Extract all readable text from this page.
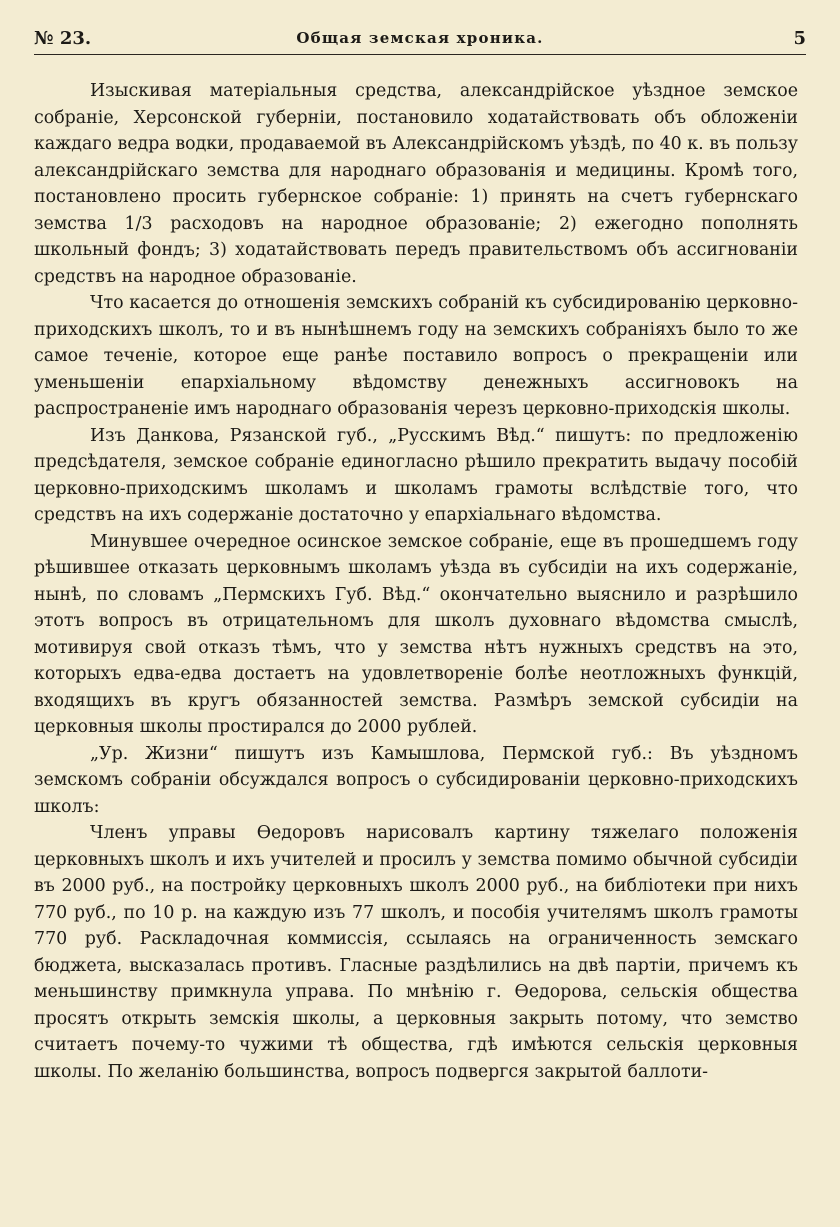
№ 23.	Общая земская хроника.	5

Изыскивая матеріальныя средства, александрійское уѣздное земское собраніе, Херсонской губерніи, постановило ходатайствовать объ обложеніи каждаго ведра водки, продаваемой въ Александрійскомъ уѣздѣ, по 40 к. въ пользу александрійскаго земства для народнаго образованія и медицины. Кромѣ того, постановлено просить губернское собраніе: 1) принять на счетъ губернскаго земства 1/3 расходовъ на народное образованіе; 2) ежегодно пополнять школьный фондъ; 3) ходатайствовать передъ правительствомъ объ ассигнованіи средствъ на народное образованіе.

Что касается до отношенія земскихъ собраній къ субсидированію церковно-приходскихъ школъ, то и въ нынѣшнемъ году на земскихъ собраніяхъ было то же самое теченіе, которое еще ранѣе поставило вопросъ о прекращеніи или уменьшеніи епархіальному вѣдомству денежныхъ ассигновокъ на распространеніе имъ народнаго образованія черезъ церковно-приходскія школы.

Изъ Данкова, Рязанской губ., „Русскимъ Вѣд.“ пишутъ: по предложенію предсѣдателя, земское собраніе единогласно рѣшило прекратить выдачу пособій церковно-приходскимъ школамъ и школамъ грамоты вслѣдствіе того, что средствъ на ихъ содержаніе достаточно у епархіальнаго вѣдомства.

Минувшее очередное осинское земское собраніе, еще въ прошедшемъ году рѣшившее отказать церковнымъ школамъ уѣзда въ субсидіи на ихъ содержаніе, нынѣ, по словамъ „Пермскихъ Губ. Вѣд.“ окончательно выяснило и разрѣшило этотъ вопросъ въ отрицательномъ для школъ духовнаго вѣдомства смыслѣ, мотивируя свой отказъ тѣмъ, что у земства нѣтъ нужныхъ средствъ на это, которыхъ едва-едва достаетъ на удовлетвореніе болѣе неотложныхъ функцій, входящихъ въ кругъ обязанностей земства. Размѣръ земской субсидіи на церковныя школы простирался до 2000 рублей.

„Ур. Жизни“ пишутъ изъ Камышлова, Пермской губ.: Въ уѣздномъ земскомъ собраніи обсуждался вопросъ о субсидированіи церковно-приходскихъ школъ:

Членъ управы Ѳедоровъ нарисовалъ картину тяжелаго положенія церковныхъ школъ и ихъ учителей и просилъ у земства помимо обычной субсидіи въ 2000 руб., на постройку церковныхъ школъ 2000 руб., на библіотеки при нихъ 770 руб., по 10 р. на каждую изъ 77 школъ, и пособія учителямъ школъ грамоты 770 руб. Раскладочная коммиссія, ссылаясь на ограниченность земскаго бюджета, высказалась противъ. Гласные раздѣлились на двѣ партіи, причемъ къ меньшинству примкнула управа. По мнѣнію г. Ѳедорова, сельскія общества просятъ открыть земскія школы, а церковныя закрыть потому, что земство считаетъ почему-то чужими тѣ общества, гдѣ имѣются сельскія церковныя школы. По желанію большинства, вопросъ подвергся закрытой баллоти-
